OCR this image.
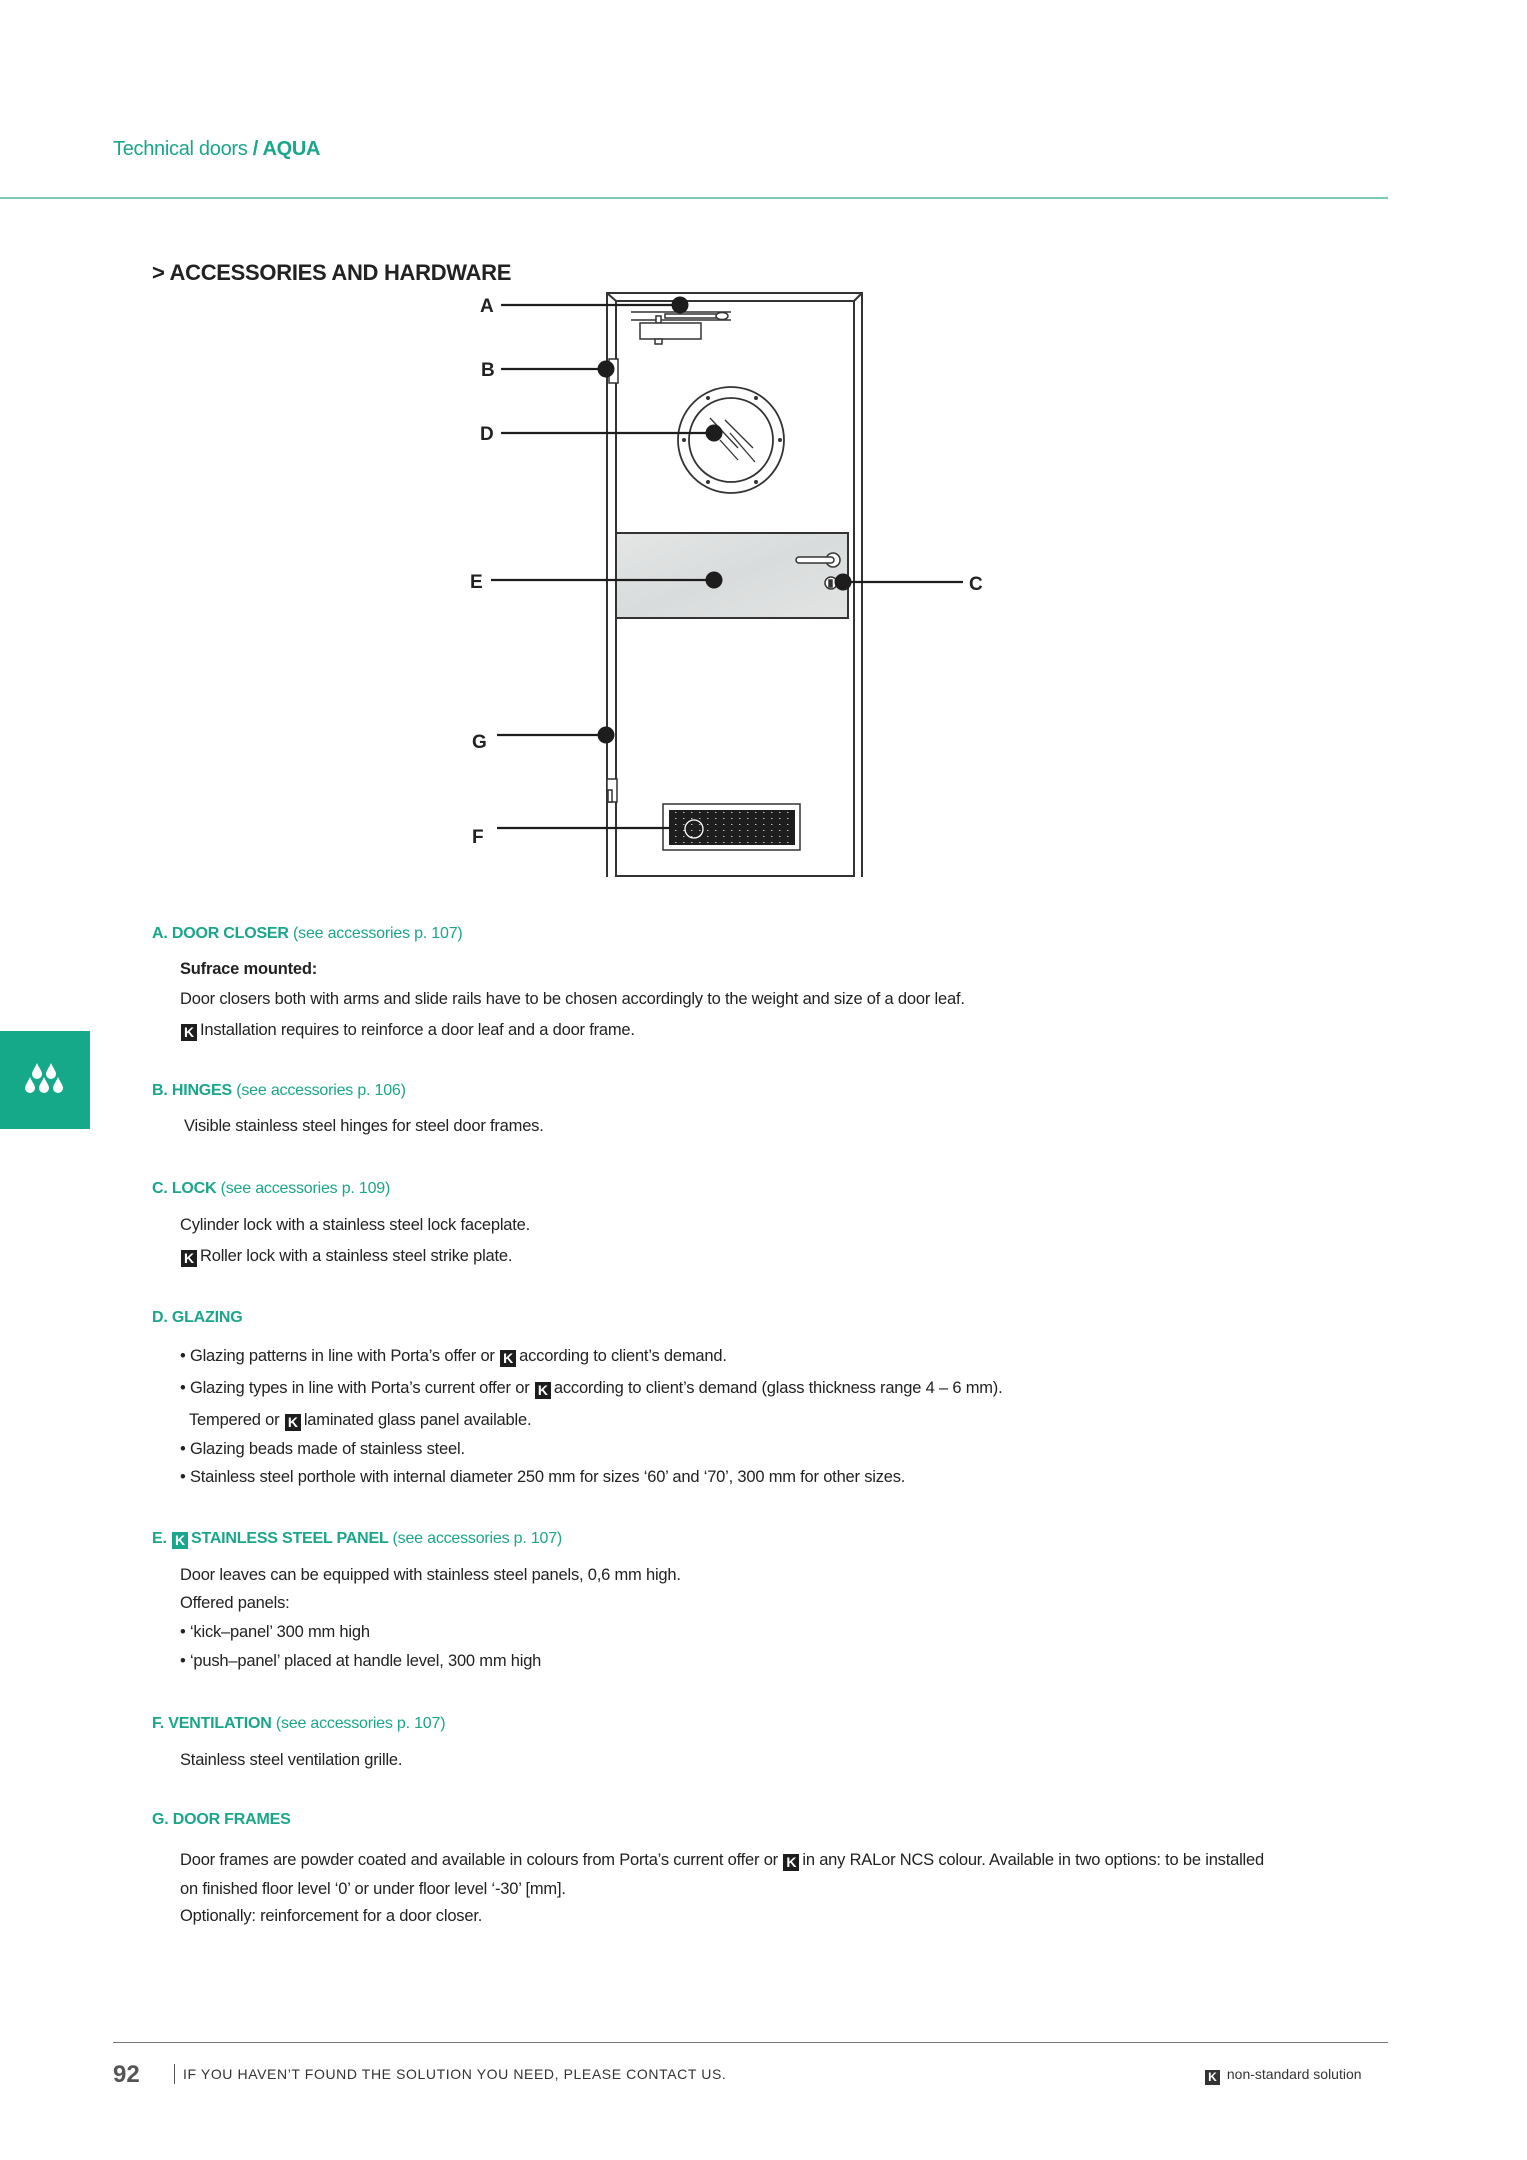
Technical doors / AQUA
> ACCESSORIES AND HARDWARE
A
B
C
D
E
F
G
A. DOOR CLOSER (see accessories p. 107)
Sufrace mounted:
Door closers both with arms and slide rails have to be chosen accordingly to the weight and size of a door leaf.
K Installation requires to reinforce a door leaf and a door frame.
B. HINGES (see accessories p. 106)
Visible stainless steel hinges for steel door frames.
C. LOCK (see accessories p. 109)
Cylinder lock with a stainless steel lock faceplate.
K Roller lock with a stainless steel strike plate.
D. GLAZING
• Glazing patterns in line with Porta’s offer or K according to client’s demand.
• Glazing types in line with Porta’s current offer or K according to client’s demand (glass thickness range 4 – 6 mm).
Tempered or K laminated glass panel available.
• Glazing beads made of stainless steel.
• Stainless steel porthole with internal diameter 250 mm for sizes ‘60’ and ‘70’, 300 mm for other sizes.
E. K STAINLESS STEEL PANEL (see accessories p. 107)
Door leaves can be equipped with stainless steel panels, 0,6 mm high.
Offered panels:
• ‘kick–panel’ 300 mm high
• ‘push–panel’ placed at handle level, 300 mm high
F. VENTILATION (see accessories p. 107)
Stainless steel ventilation grille.
G. DOOR FRAMES
Door frames are powder coated and available in colours from Porta’s current offer or K in any RALor NCS colour. Available in two options: to be installed
on finished floor level ‘0’ or under floor level ‘-30’ [mm].
Optionally: reinforcement for a door closer.
92	IF YOU HAVEN’T FOUND THE SOLUTION YOU NEED, PLEASE CONTACT US.	K non-standard solution
